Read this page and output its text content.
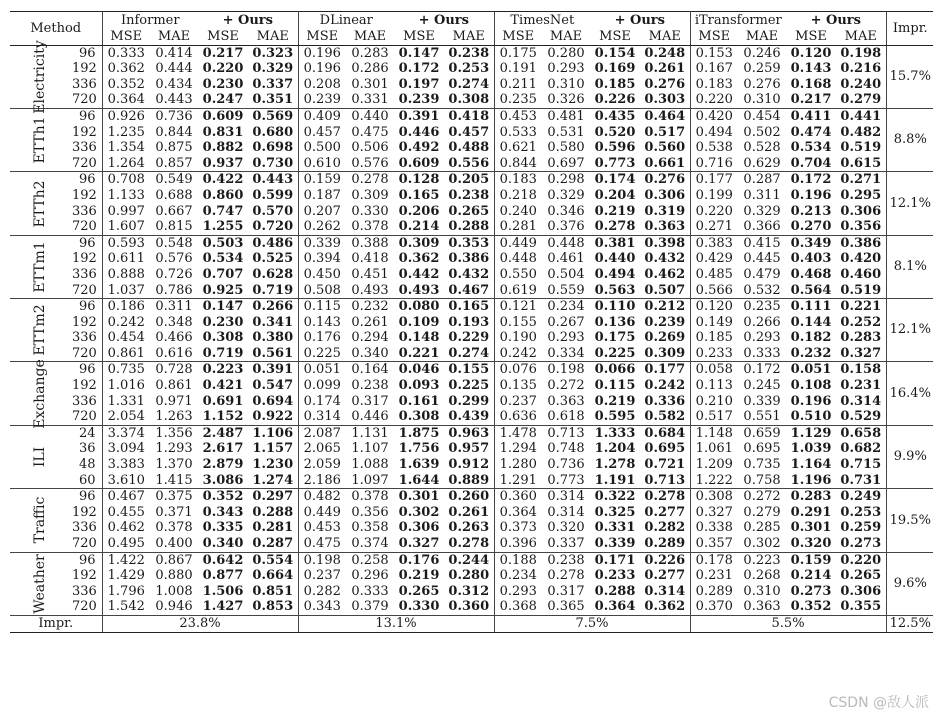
Method		Informer		+ Ours		DLinear		+ Ours		TimesNet		+ Ours		iTransformer		+ Ours		Impr.
		MSE	MAE	MSE	MAE	MSE	MAE	MSE	MAE	MSE	MAE	MSE	MAE	MSE	MAE	MSE	MAE	

Electricity	96	0.333	0.414	0.217	0.323	0.196	0.283	0.147	0.238	0.175	0.280	0.154	0.248	0.153	0.246	0.120	0.198	15.7%
	192	0.362	0.444	0.220	0.329	0.196	0.286	0.172	0.253	0.191	0.293	0.169	0.261	0.167	0.259	0.143	0.216	
	336	0.352	0.434	0.230	0.337	0.208	0.301	0.197	0.274	0.211	0.310	0.185	0.276	0.183	0.276	0.168	0.240	
	720	0.364	0.443	0.247	0.351	0.239	0.331	0.239	0.308	0.235	0.326	0.226	0.303	0.220	0.310	0.217	0.279	

ETTh1	96	0.926	0.736	0.609	0.569	0.409	0.440	0.391	0.418	0.453	0.481	0.435	0.464	0.420	0.454	0.411	0.441	8.8%
	192	1.235	0.844	0.831	0.680	0.457	0.475	0.446	0.457	0.533	0.531	0.520	0.517	0.494	0.502	0.474	0.482	
	336	1.354	0.875	0.882	0.698	0.500	0.506	0.492	0.488	0.621	0.580	0.596	0.560	0.538	0.528	0.534	0.519	
	720	1.264	0.857	0.937	0.730	0.610	0.576	0.609	0.556	0.844	0.697	0.773	0.661	0.716	0.629	0.704	0.615	

ETTh2	96	0.708	0.549	0.422	0.443	0.159	0.278	0.128	0.205	0.183	0.298	0.174	0.276	0.177	0.287	0.172	0.271	12.1%
	192	1.133	0.688	0.860	0.599	0.187	0.309	0.165	0.238	0.218	0.329	0.204	0.306	0.199	0.311	0.196	0.295	
	336	0.997	0.667	0.747	0.570	0.207	0.330	0.206	0.265	0.240	0.346	0.219	0.319	0.220	0.329	0.213	0.306	
	720	1.607	0.815	1.255	0.720	0.262	0.378	0.214	0.288	0.281	0.376	0.278	0.363	0.271	0.366	0.270	0.356	

ETTm1	96	0.593	0.548	0.503	0.486	0.339	0.388	0.309	0.353	0.449	0.448	0.381	0.398	0.383	0.415	0.349	0.386	8.1%
	192	0.611	0.576	0.534	0.525	0.394	0.418	0.362	0.386	0.448	0.461	0.440	0.432	0.429	0.445	0.403	0.420	
	336	0.888	0.726	0.707	0.628	0.450	0.451	0.442	0.432	0.550	0.504	0.494	0.462	0.485	0.479	0.468	0.460	
	720	1.037	0.786	0.925	0.719	0.508	0.493	0.493	0.467	0.619	0.559	0.563	0.507	0.566	0.532	0.564	0.519	

ETTm2	96	0.186	0.311	0.147	0.266	0.115	0.232	0.080	0.165	0.121	0.234	0.110	0.212	0.120	0.235	0.111	0.221	12.1%
	192	0.242	0.348	0.230	0.341	0.143	0.261	0.109	0.193	0.155	0.267	0.136	0.239	0.149	0.266	0.144	0.252	
	336	0.454	0.466	0.308	0.380	0.176	0.294	0.148	0.229	0.190	0.293	0.175	0.269	0.185	0.293	0.182	0.283	
	720	0.861	0.616	0.719	0.561	0.225	0.340	0.221	0.274	0.242	0.334	0.225	0.309	0.233	0.333	0.232	0.327	

Exchange	96	0.735	0.728	0.223	0.391	0.051	0.164	0.046	0.155	0.076	0.198	0.066	0.177	0.058	0.172	0.051	0.158	16.4%
	192	1.016	0.861	0.421	0.547	0.099	0.238	0.093	0.225	0.135	0.272	0.115	0.242	0.113	0.245	0.108	0.231	
	336	1.331	0.971	0.691	0.694	0.174	0.317	0.161	0.299	0.237	0.363	0.219	0.336	0.210	0.339	0.196	0.314	
	720	2.054	1.263	1.152	0.922	0.314	0.446	0.308	0.439	0.636	0.618	0.595	0.582	0.517	0.551	0.510	0.529	

ILI	24	3.374	1.356	2.487	1.106	2.087	1.131	1.875	0.963	1.478	0.713	1.333	0.684	1.148	0.659	1.129	0.658	9.9%
	36	3.094	1.293	2.617	1.157	2.065	1.107	1.756	0.957	1.294	0.748	1.204	0.695	1.061	0.695	1.039	0.682	
	48	3.383	1.370	2.879	1.230	2.059	1.088	1.639	0.912	1.280	0.736	1.278	0.721	1.209	0.735	1.164	0.715	
	60	3.610	1.415	3.086	1.274	2.186	1.097	1.644	0.889	1.291	0.773	1.191	0.713	1.222	0.758	1.196	0.731	

Traffic	96	0.467	0.375	0.352	0.297	0.482	0.378	0.301	0.260	0.360	0.314	0.322	0.278	0.308	0.272	0.283	0.249	19.5%
	192	0.455	0.371	0.343	0.288	0.449	0.356	0.302	0.261	0.364	0.314	0.325	0.277	0.327	0.279	0.291	0.253	
	336	0.462	0.378	0.335	0.281	0.453	0.358	0.306	0.263	0.373	0.320	0.331	0.282	0.338	0.285	0.301	0.259	
	720	0.495	0.400	0.340	0.287	0.475	0.374	0.327	0.278	0.396	0.337	0.339	0.289	0.357	0.302	0.320	0.273	

Weather	96	1.422	0.867	0.642	0.554	0.198	0.258	0.176	0.244	0.188	0.238	0.171	0.226	0.178	0.223	0.159	0.220	9.6%
	192	1.429	0.880	0.877	0.664	0.237	0.296	0.219	0.280	0.234	0.278	0.233	0.277	0.231	0.268	0.214	0.265	
	336	1.796	1.008	1.506	0.851	0.282	0.333	0.265	0.312	0.293	0.317	0.288	0.314	0.289	0.310	0.273	0.306	
	720	1.542	0.946	1.427	0.853	0.343	0.379	0.330	0.360	0.368	0.365	0.364	0.362	0.370	0.363	0.352	0.355	
Impr.		23.8%				13.1%				7.5%				5.5%				12.5%
CSDN @敌人派
